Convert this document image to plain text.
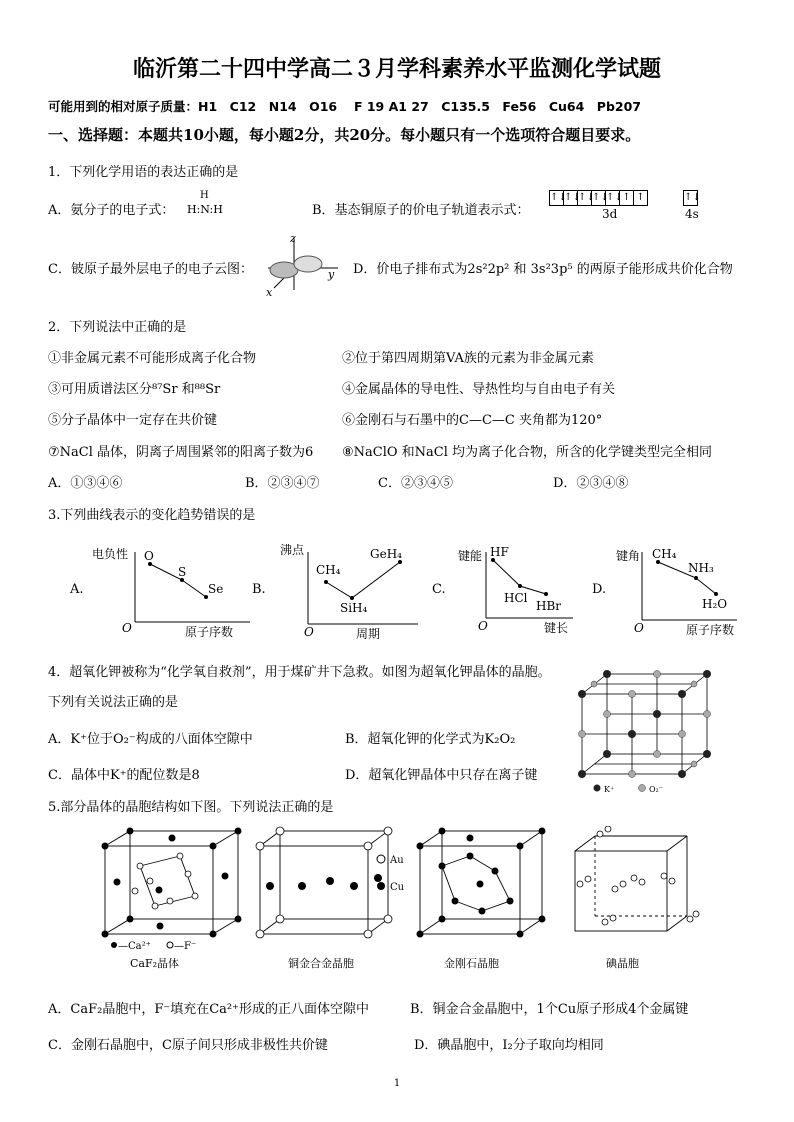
临沂第二十四中学高二３月学科素养水平监测化学试题
可能用到的相对原子质量：H1　C12　N14　O16　 F 19 A1 27　C135.5　Fe56　Cu64　Pb207
一、选择题：本题共10小题，每小题2分，共20分。每小题只有一个选项符合题目要求。
1．下列化学用语的表达正确的是
A．氨分子的电子式：
H
H:N:H	B．基态铜原子的价电子轨道表示式：
↑↓
↑↓
↑↓
↑↓
↑↓ ↑ ↑	↑↓
3d	4s
C．铍原子最外层电子的电子云图：
z
y
x
D．价电子排布式为2s²2p² 和 3s²3p⁵ 的两原子能形成共价化合物
2．下列说法中正确的是
①非金属元素不可能形成离子化合物	②位于第四周期第VA族的元素为非金属元素
③可用质谱法区分⁸⁷Sr 和⁸⁸Sr	④金属晶体的导电性、导热性均与自由电子有关
⑤分子晶体中一定存在共价键	⑥金刚石与石墨中的C—C—C 夹角都为120°
⑦NaCl 晶体，阴离子周围紧邻的阳离子数为6 ⑧NaClO 和NaCl 均为离子化合物，所含的化学键类型完全相同
A．①③④⑥	B．②③④⑦	C．②③④⑤	D．②③④⑧
3.下列曲线表示的变化趋势错误的是
A.	B.	C.	D.
电负性
原子序数
O
O
S
Se
沸点
周期
O
CH₄
SiH₄
GeH₄	键能
键长
O
HF
HCl
HBr
键角
原子序数
O
CH₄
NH₃
H₂O
4．超氧化钾被称为“化学氧自救剂”，用于煤矿井下急救。如图为超氧化钾晶体的晶胞。
下列有关说法正确的是
A．K⁺位于O₂⁻构成的八面体空隙中	B．超氧化钾的化学式为K₂O₂
C．晶体中K⁺的配位数是8	D．超氧化钾晶体中只存在离子键
K⁺	O₂⁻
5.部分晶体的晶胞结构如下图。下列说法正确的是
—Ca²⁺ —F⁻
CaF₂晶体
Au
Cu
铜金合金晶胞	金刚石晶胞	碘晶胞
A．CaF₂晶胞中，F⁻填充在Ca²⁺形成的正八面体空隙中	B．铜金合金晶胞中，1个Cu原子形成4个金属键
C．金刚石晶胞中，C原子间只形成非极性共价键	D．碘晶胞中，I₂分子取向均相同
1
